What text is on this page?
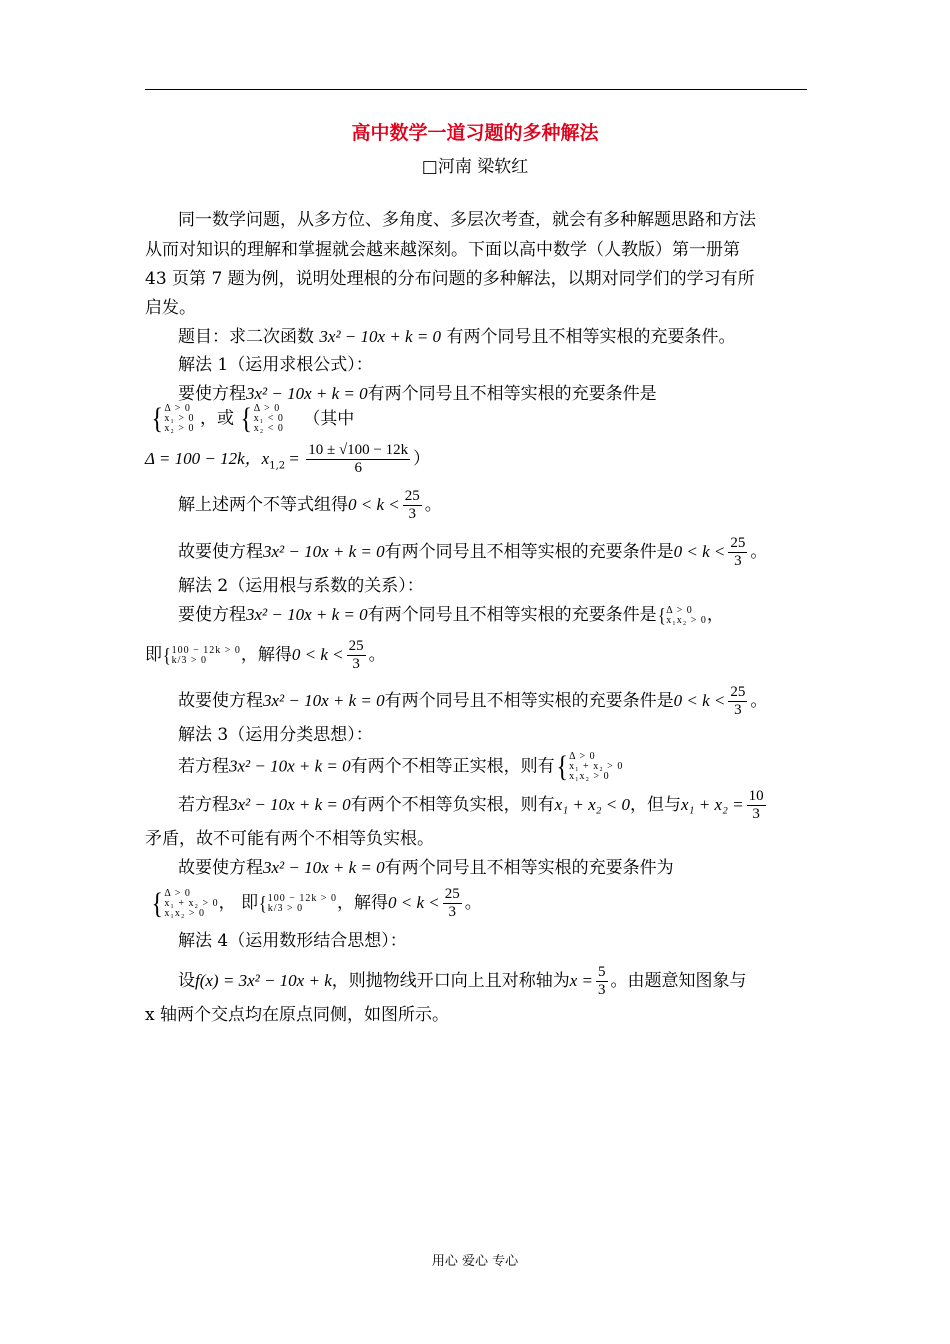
高中数学一道习题的多种解法
□河南 梁软红
同一数学问题，从多方位、多角度、多层次考查，就会有多种解题思路和方法
从而对知识的理解和掌握就会越来越深刻。下面以高中数学（人教版）第一册第
43 页第 7 题为例，说明处理根的分布问题的多种解法，以期对同学们的学习有所
启发。
题目：求二次函数 3x² − 10x + k = 0 有两个同号且不相等实根的充要条件。
解法 1（运用求根公式）：
要使方程3x² − 10x + k = 0有两个同号且不相等实根的充要条件是
{Δ > 0
x₁ > 0
x₂ > 0 ，或 {Δ > 0
x₁ < 0
x₂ < 0 （其中
Δ = 100 − 12k，$x_{1,2} = \frac{10 \pm √100 - 12k}{6}$ ）
解上述两个不等式组得$0 < k < \frac{25}{3}$ 。
故要使方程3x² − 10x + k = 0有两个同号且不相等实根的充要条件是$0 < k < \frac{25}{3}$ 。
解法 2（运用根与系数的关系）：
要使方程3x² − 10x + k = 0有两个同号且不相等实根的充要条件是{Δ > 0
x₁x₂ > 0，
即{100 − 12k > 0
k/3 > 0 ，解得$0 < k < \frac{25}{3}$ 。
故要使方程3x² − 10x + k = 0有两个同号且不相等实根的充要条件是$0 < k < \frac{25}{3}$ 。
解法 3（运用分类思想）：
若方程3x² − 10x + k = 0有两个不相等正实根，则有{Δ > 0
x₁ + x₂ > 0
x₁x₂ > 0
若方程3x² − 10x + k = 0有两个不相等负实根，则有x₁ + x₂ < 0，但与$x_1 + x_2 = \frac{10}{3}$
矛盾，故不可能有两个不相等负实根。
故要使方程3x² − 10x + k = 0有两个同号且不相等实根的充要条件为
{Δ > 0
x₁ + x₂ > 0
x₁x₂ > 0 ， 即{100 − 12k > 0
k/3 > 0 ，解得$0 < k < \frac{25}{3}$ 。
解法 4（运用数形结合思想）：
设f(x) = 3x² − 10x + k，则抛物线开口向上且对称轴为$x = \frac{5}{3}$ 。由题意知图象与
x 轴两个交点均在原点同侧，如图所示。
用心 爱心 专心
